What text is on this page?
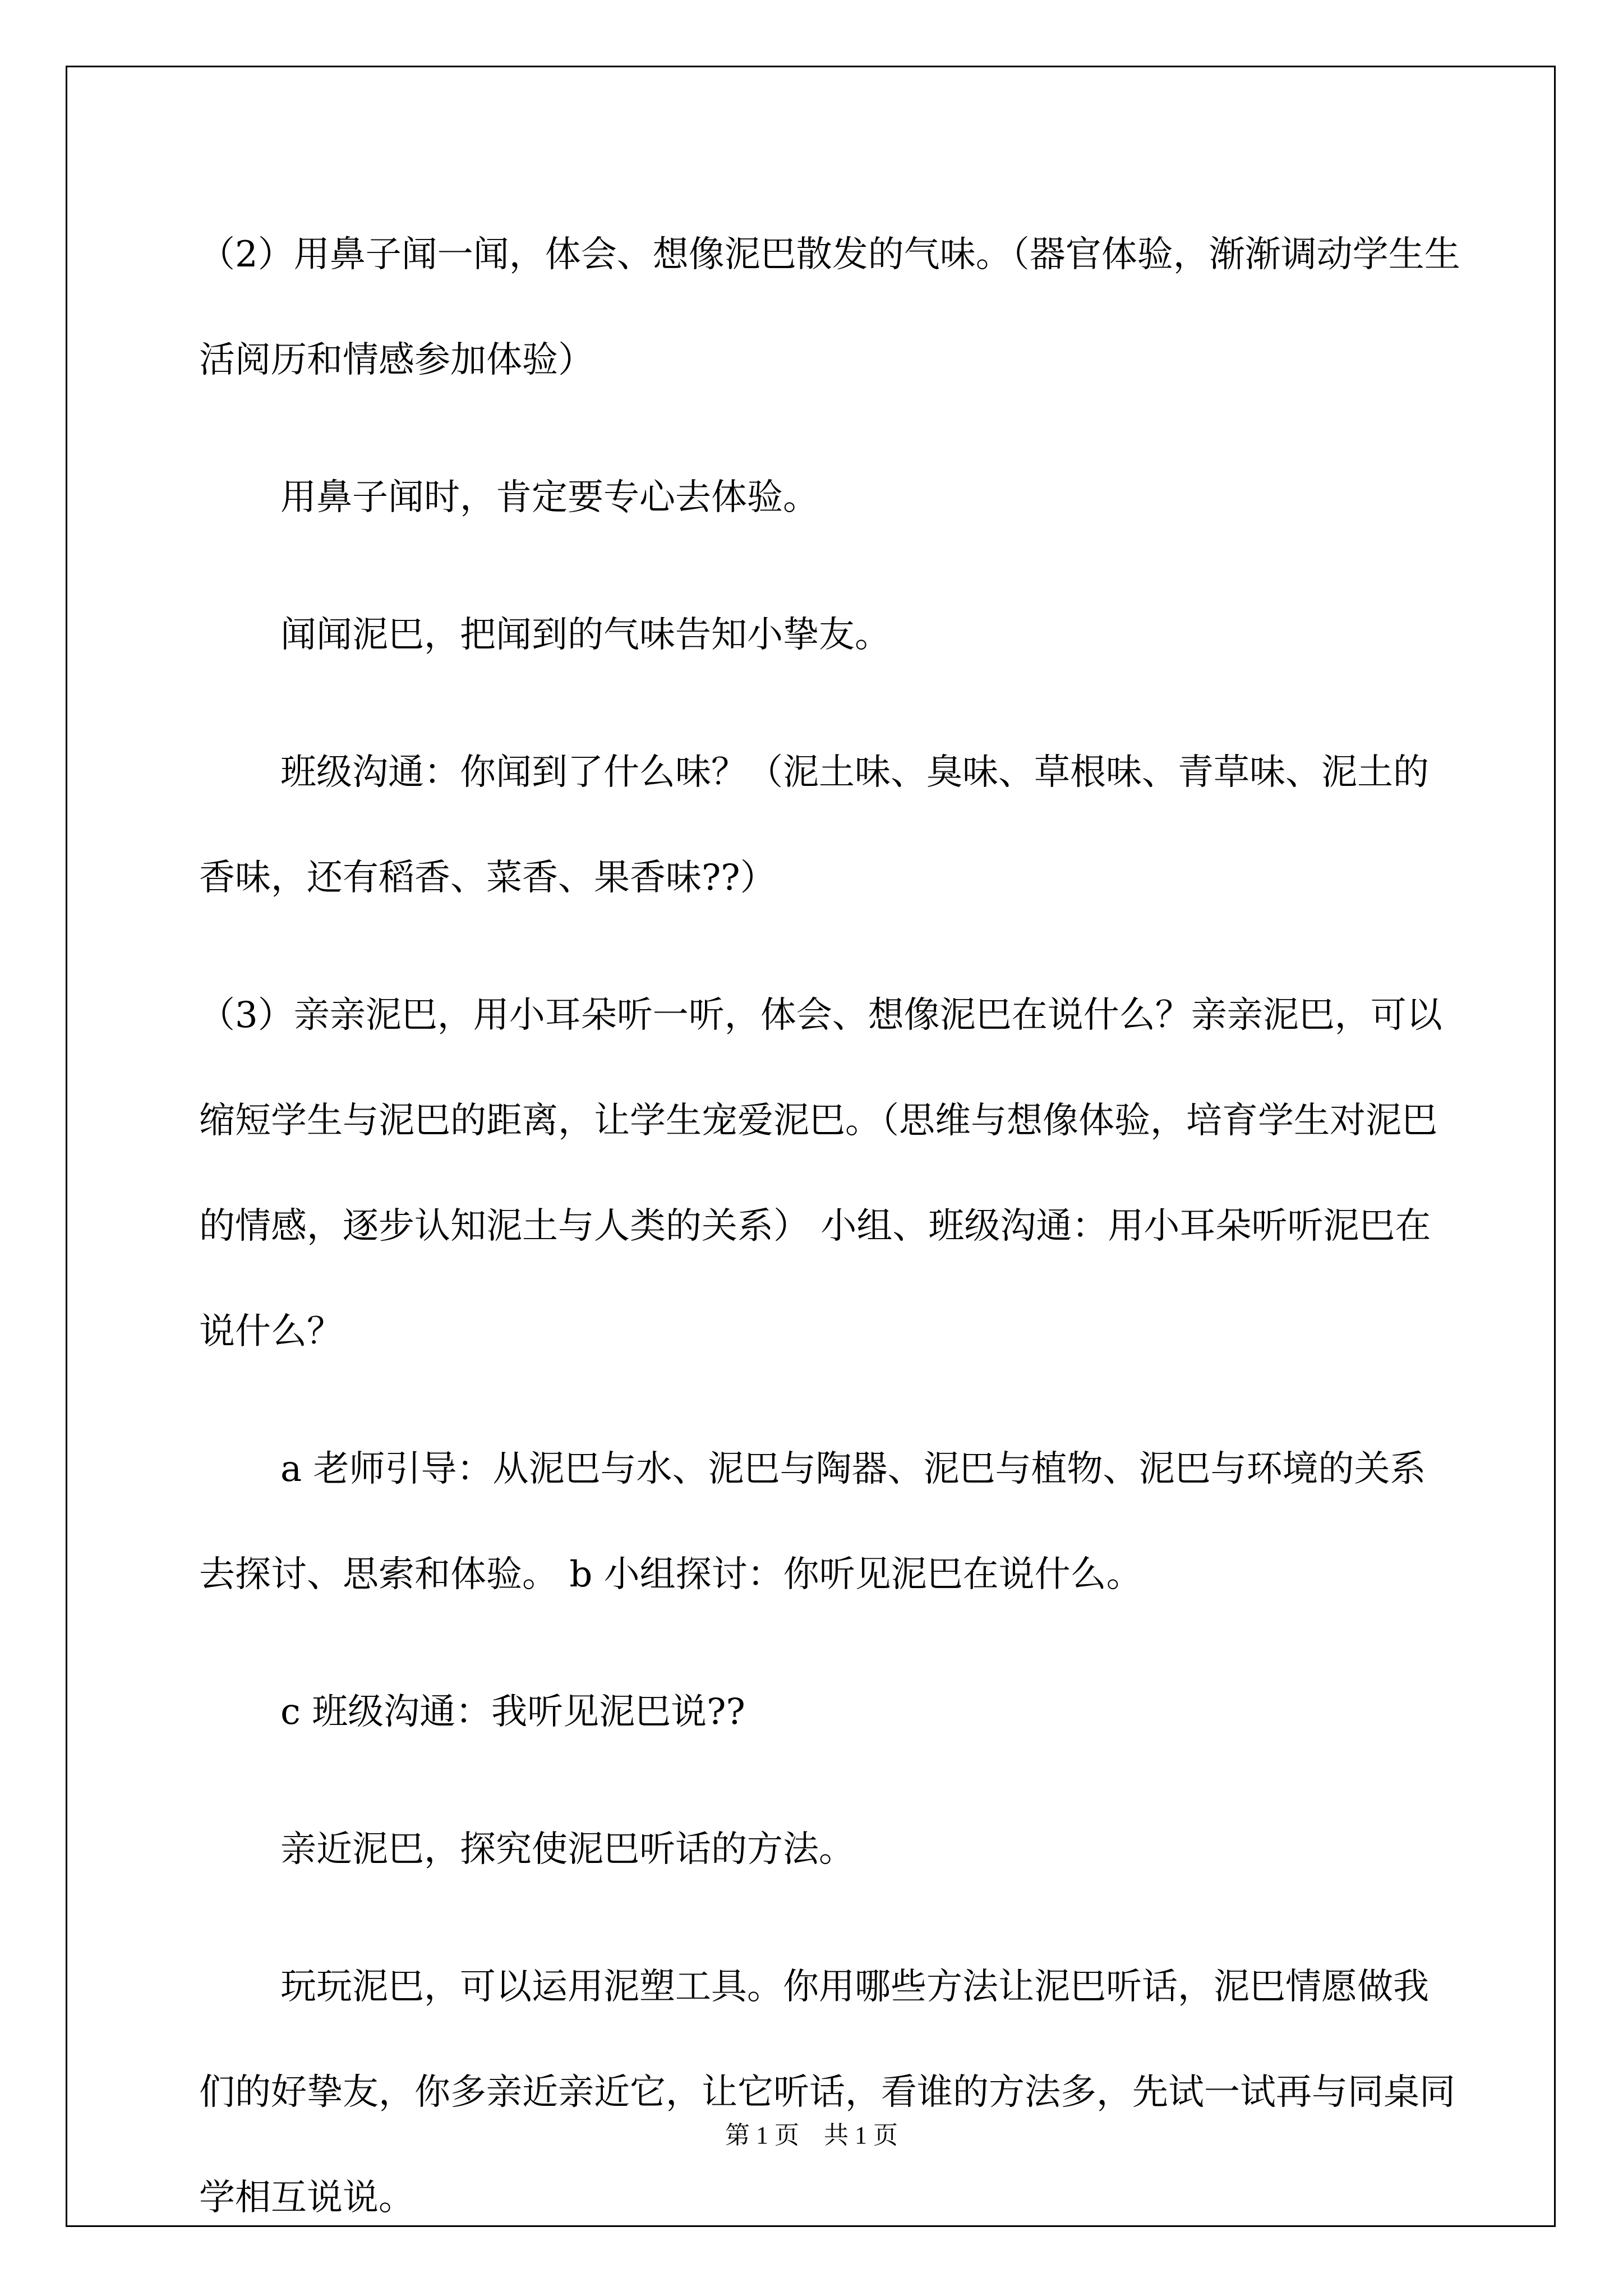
（2）用鼻子闻一闻，体会、想像泥巴散发的气味。（器官体验，渐渐调动学生生活阅历和情感参加体验）

用鼻子闻时，肯定要专心去体验。

闻闻泥巴，把闻到的气味告知小挚友。

班级沟通：你闻到了什么味？（泥土味、臭味、草根味、青草味、泥土的香味，还有稻香、菜香、果香味??）

（3）亲亲泥巴，用小耳朵听一听，体会、想像泥巴在说什么？亲亲泥巴，可以缩短学生与泥巴的距离，让学生宠爱泥巴。（思维与想像体验，培育学生对泥巴的情感，逐步认知泥土与人类的关系） 小组、班级沟通：用小耳朵听听泥巴在说什么？

a 老师引导：从泥巴与水、泥巴与陶器、泥巴与植物、泥巴与环境的关系去探讨、思索和体验。 b 小组探讨：你听见泥巴在说什么。

c 班级沟通：我听见泥巴说??

亲近泥巴，探究使泥巴听话的方法。

玩玩泥巴，可以运用泥塑工具。你用哪些方法让泥巴听话，泥巴情愿做我们的好挚友，你多亲近亲近它，让它听话，看谁的方法多，先试一试再与同桌同学相互说说。

第 1 页　共 1 页
